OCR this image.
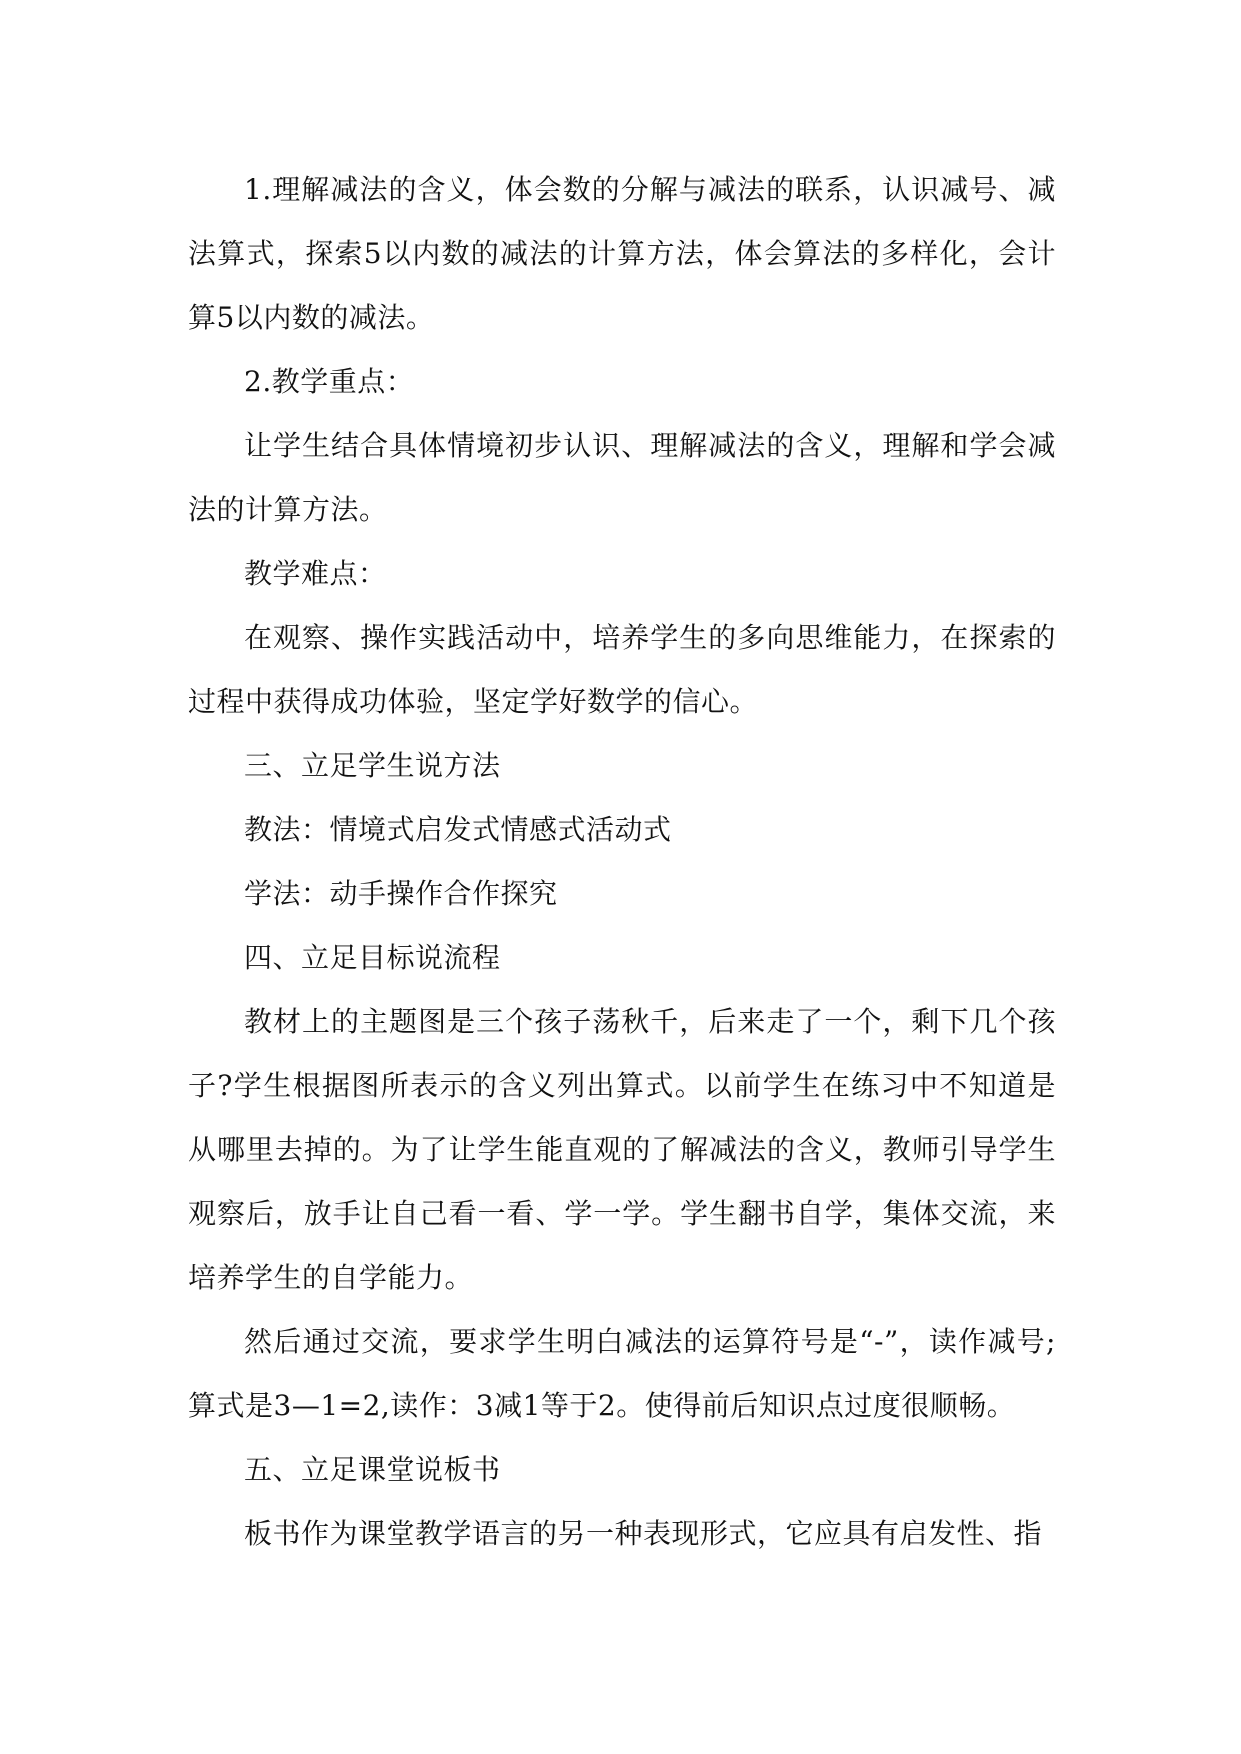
1.理解减法的含义，体会数的分解与减法的联系，认识减号、减法算式，探索5以内数的减法的计算方法，体会算法的多样化，会计算5以内数的减法。

2.教学重点：

让学生结合具体情境初步认识、理解减法的含义，理解和学会减法的计算方法。

教学难点：

在观察、操作实践活动中，培养学生的多向思维能力，在探索的过程中获得成功体验，坚定学好数学的信心。

三、立足学生说方法

教法：情境式启发式情感式活动式

学法：动手操作合作探究

四、立足目标说流程

教材上的主题图是三个孩子荡秋千，后来走了一个，剩下几个孩子?学生根据图所表示的含义列出算式。以前学生在练习中不知道是从哪里去掉的。为了让学生能直观的了解减法的含义，教师引导学生观察后，放手让自己看一看、学一学。学生翻书自学，集体交流，来培养学生的自学能力。

然后通过交流，要求学生明白减法的运算符号是“-”，读作减号;算式是3—1=2,读作：3减1等于2。使得前后知识点过度很顺畅。

五、立足课堂说板书

板书作为课堂教学语言的另一种表现形式，它应具有启发性、指
